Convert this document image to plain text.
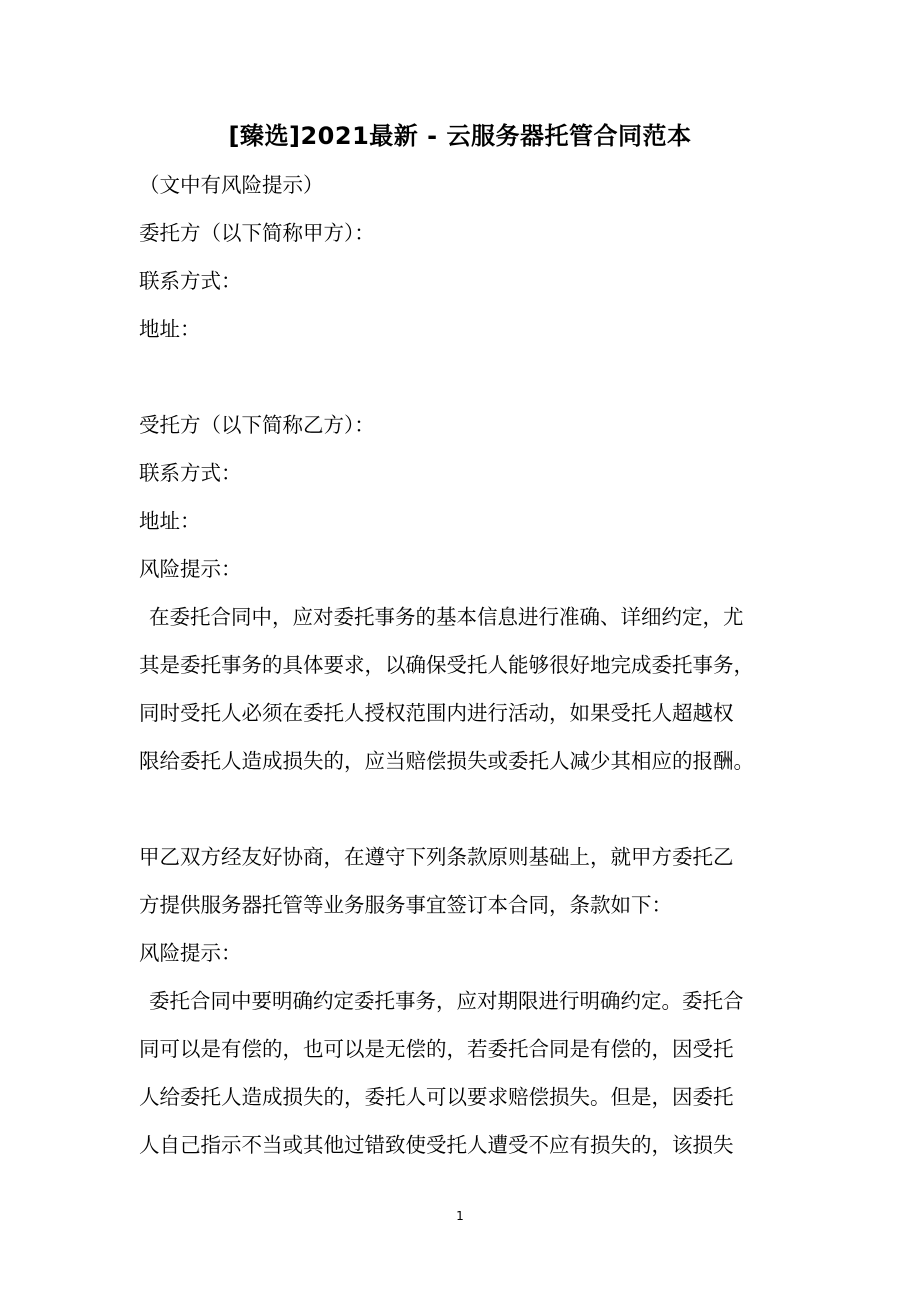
[臻选]2021最新 - 云服务器托管合同范本
（文中有风险提示）
委托方（以下简称甲方）：
联系方式：
地址：
受托方（以下简称乙方）：
联系方式：
地址：
风险提示：
在委托合同中，应对委托事务的基本信息进行准确、详细约定，尤
其是委托事务的具体要求，以确保受托人能够很好地完成委托事务，
同时受托人必须在委托人授权范围内进行活动，如果受托人超越权
限给委托人造成损失的，应当赔偿损失或委托人减少其相应的报酬。
甲乙双方经友好协商，在遵守下列条款原则基础上，就甲方委托乙
方提供服务器托管等业务服务事宜签订本合同，条款如下：
风险提示：
委托合同中要明确约定委托事务，应对期限进行明确约定。委托合
同可以是有偿的，也可以是无偿的，若委托合同是有偿的，因受托
人给委托人造成损失的，委托人可以要求赔偿损失。但是，因委托
人自己指示不当或其他过错致使受托人遭受不应有损失的，该损失
1
